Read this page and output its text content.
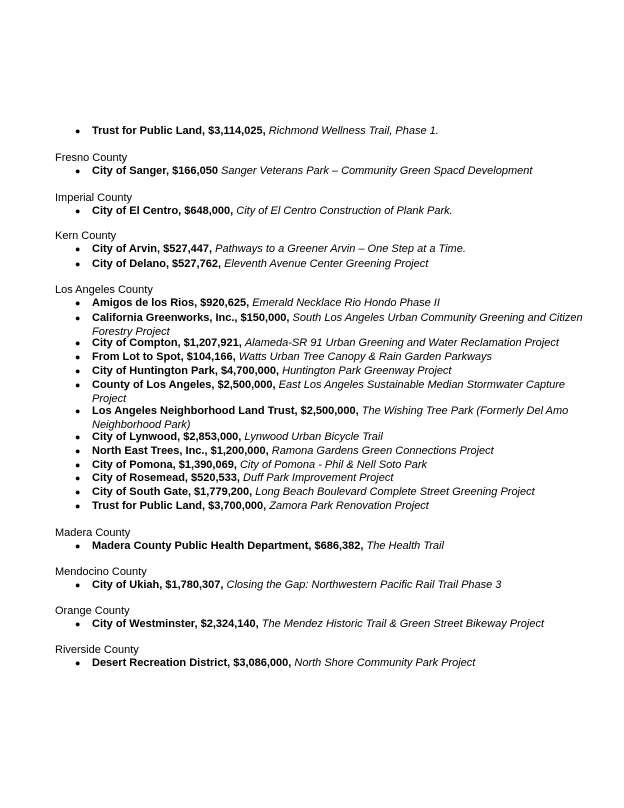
● Trust for Public Land, $3,114,025, Richmond Wellness Trail, Phase 1.
Fresno County
● City of Sanger, $166,050 Sanger Veterans Park – Community Green Spacd Development
Imperial County
● City of El Centro, $648,000, City of El Centro Construction of Plank Park.
Kern County
● City of Arvin, $527,447, Pathways to a Greener Arvin – One Step at a Time.
● City of Delano, $527,762, Eleventh Avenue Center Greening Project
Los Angeles County
● Amigos de los Rios, $920,625, Emerald Necklace Rio Hondo Phase II
● California Greenworks, Inc., $150,000, South Los Angeles Urban Community Greening and Citizen Forestry Project
● City of Compton, $1,207,921, Alameda-SR 91 Urban Greening and Water Reclamation Project
● From Lot to Spot, $104,166, Watts Urban Tree Canopy & Rain Garden Parkways
● City of Huntington Park, $4,700,000, Huntington Park Greenway Project
● County of Los Angeles, $2,500,000, East Los Angeles Sustainable Median Stormwater Capture Project
● Los Angeles Neighborhood Land Trust, $2,500,000, The Wishing Tree Park (Formerly Del Amo Neighborhood Park)
● City of Lynwood, $2,853,000, Lynwood Urban Bicycle Trail
● North East Trees, Inc., $1,200,000, Ramona Gardens Green Connections Project
● City of Pomona, $1,390,069, City of Pomona - Phil & Nell Soto Park
● City of Rosemead, $520,533, Duff Park Improvement Project
● City of South Gate, $1,779,200, Long Beach Boulevard Complete Street Greening Project
● Trust for Public Land, $3,700,000, Zamora Park Renovation Project
Madera County
● Madera County Public Health Department, $686,382, The Health Trail
Mendocino County
● City of Ukiah, $1,780,307, Closing the Gap: Northwestern Pacific Rail Trail Phase 3
Orange County
● City of Westminster, $2,324,140, The Mendez Historic Trail & Green Street Bikeway Project
Riverside County
● Desert Recreation District, $3,086,000, North Shore Community Park Project
